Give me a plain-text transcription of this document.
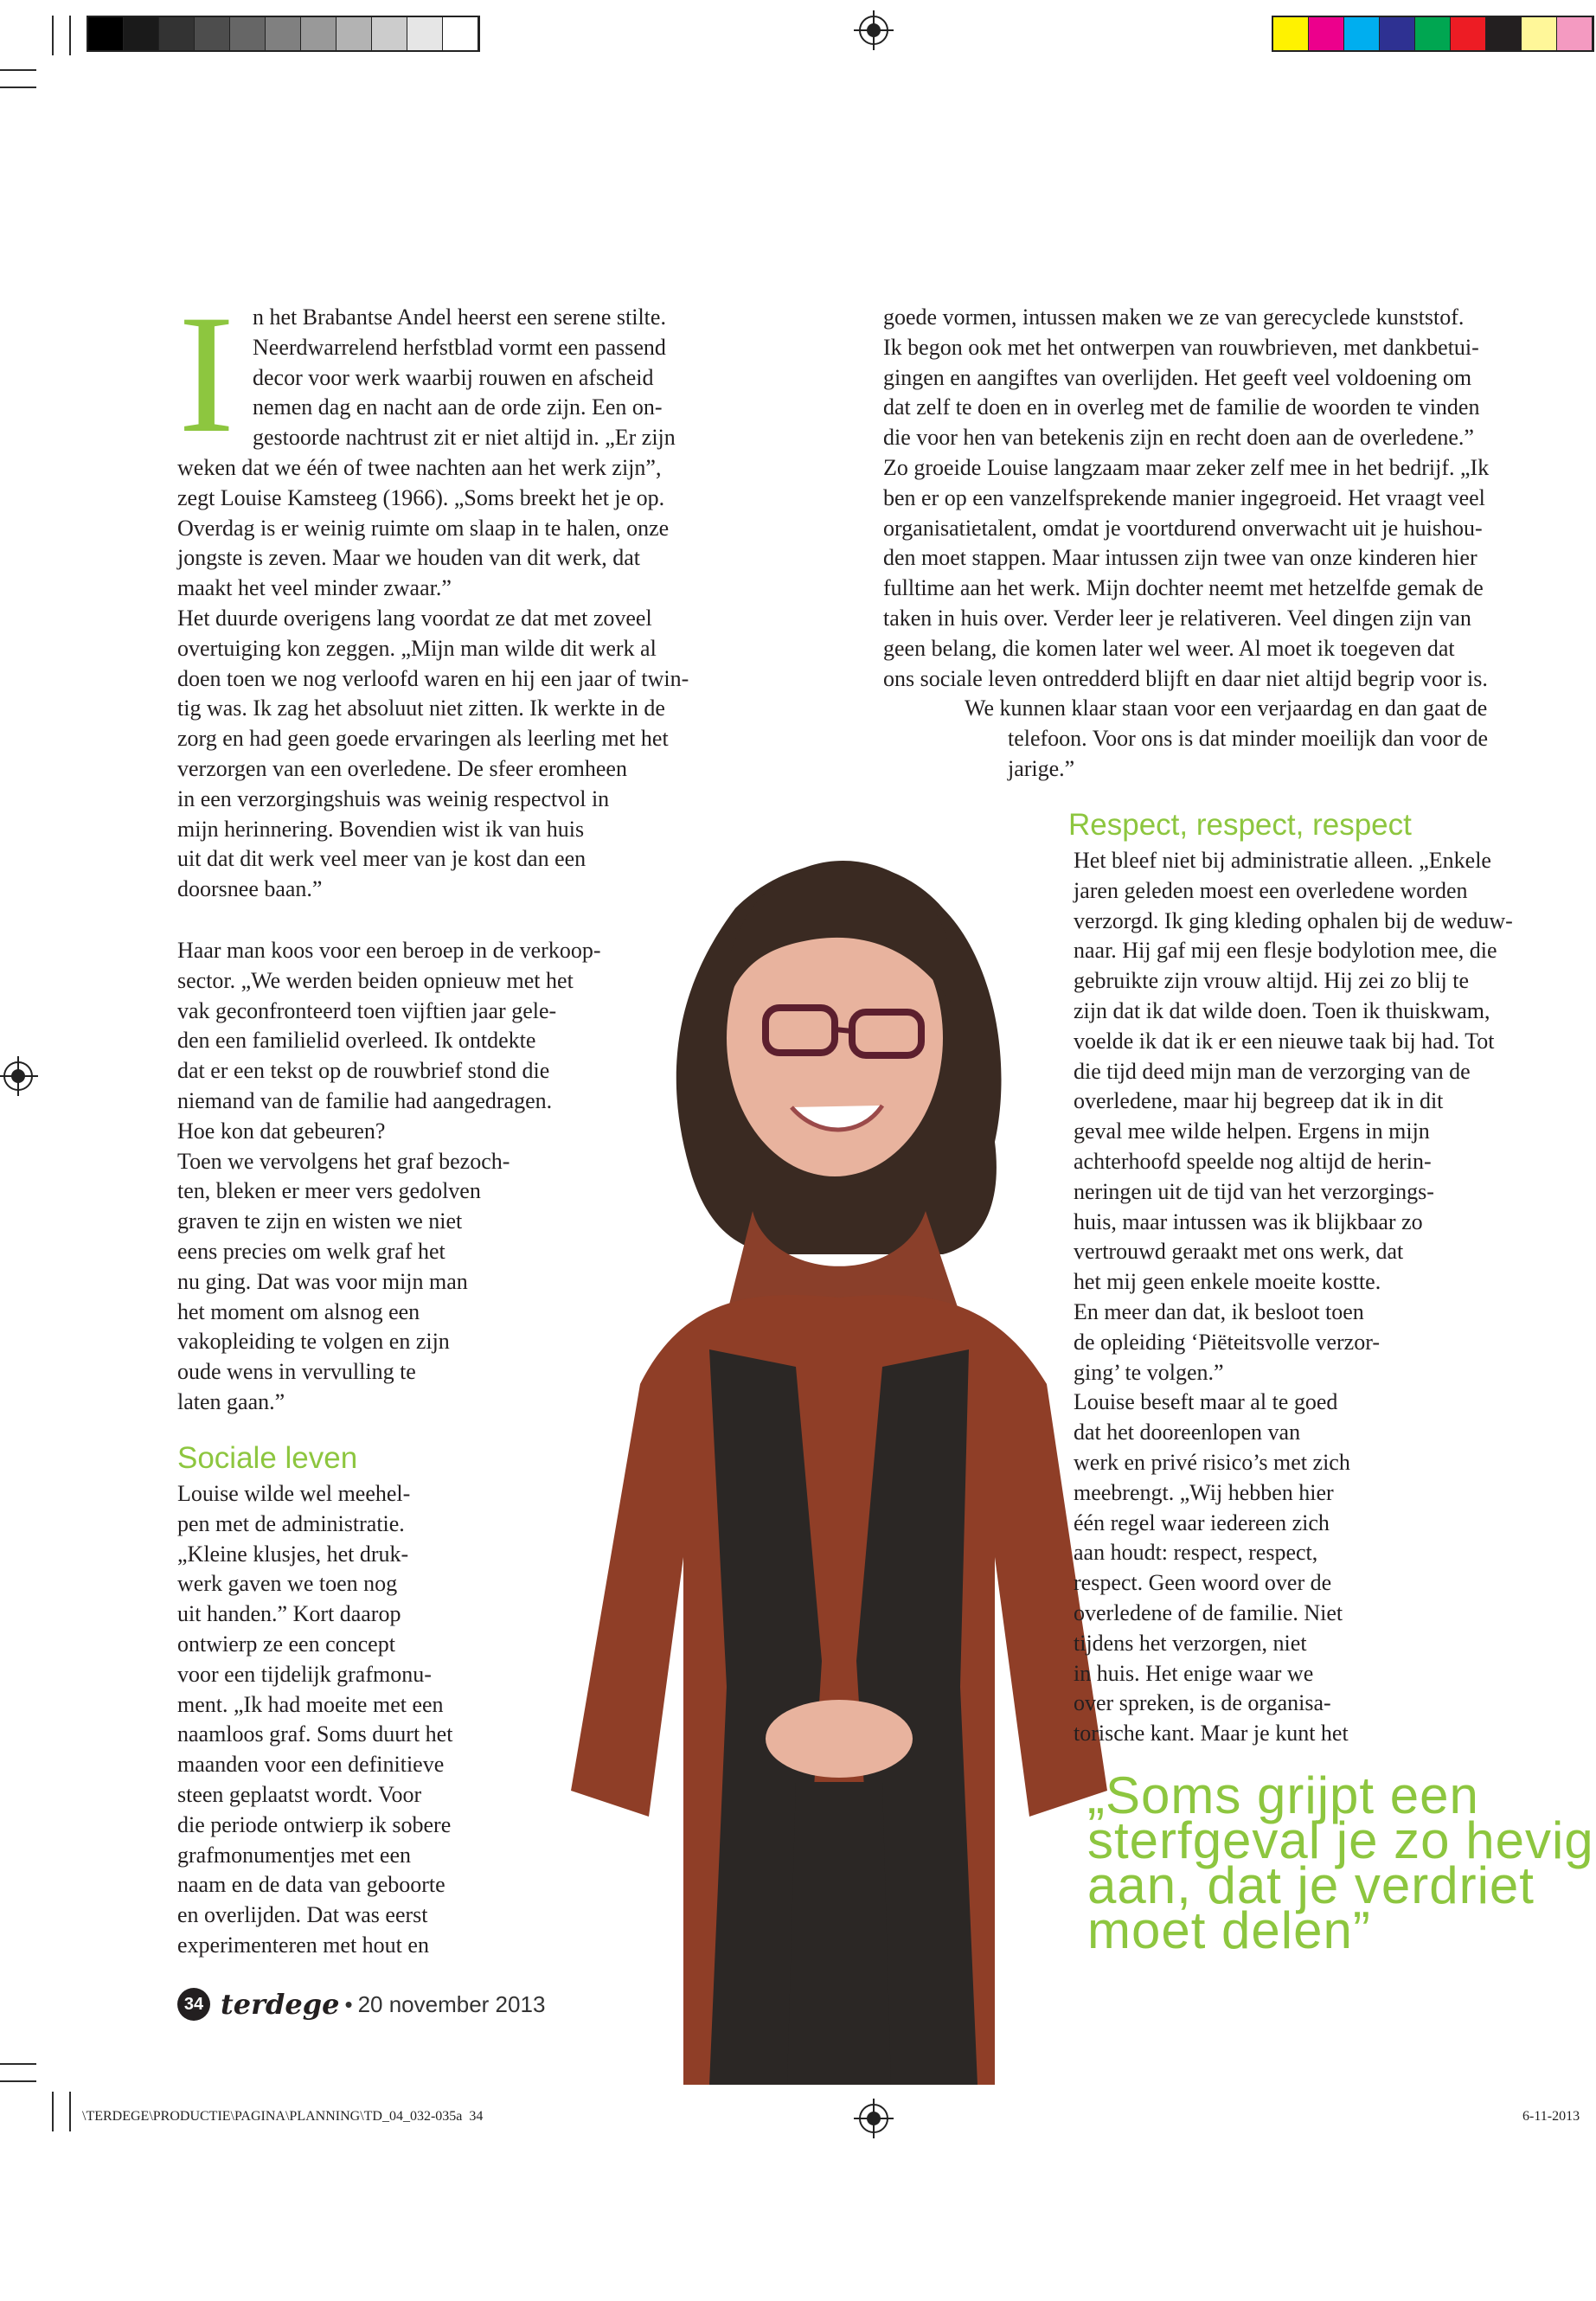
I n het Brabantse Andel heerst een serene stilte.
Neerdwarrelend herfstblad vormt een passend
decor voor werk waarbij rouwen en afscheid
nemen dag en nacht aan de orde zijn. Een on-
gestoorde nachtrust zit er niet altijd in. „Er zijn

weken dat we één of twee nachten aan het werk zijn”,
zegt Louise Kamsteeg (1966). „Soms breekt het je op.
Overdag is er weinig ruimte om slaap in te halen, onze
jongste is zeven. Maar we houden van dit werk, dat
maakt het veel minder zwaar.”
Het duurde overigens lang voordat ze dat met zoveel
overtuiging kon zeggen. „Mijn man wilde dit werk al
doen toen we nog verloofd waren en hij een jaar of twin-
tig was. Ik zag het absoluut niet zitten. Ik werkte in de
zorg en had geen goede ervaringen als leerling met het
verzorgen van een overledene. De sfeer eromheen
in een verzorgingshuis was weinig respectvol in
mijn herinnering. Bovendien wist ik van huis
uit dat dit werk veel meer van je kost dan een
doorsnee baan.”

Haar man koos voor een beroep in de verkoop-
sector. „We werden beiden opnieuw met het
vak geconfronteerd toen vijftien jaar gele-
den een familielid overleed. Ik ontdekte
dat er een tekst op de rouwbrief stond die
niemand van de familie had aangedragen.
Hoe kon dat gebeuren?
Toen we vervolgens het graf bezoch-
ten, bleken er meer vers gedolven
graven te zijn en wisten we niet
eens precies om welk graf het
nu ging. Dat was voor mijn man
het moment om alsnog een
vakopleiding te volgen en zijn
oude wens in vervulling te
laten gaan.”

Sociale leven

Louise wilde wel meehel-
pen met de administratie.
„Kleine klusjes, het druk-
werk gaven we toen nog
uit handen.” Kort daarop
ontwierp ze een concept
voor een tijdelijk grafmonu-
ment. „Ik had moeite met een
naamloos graf. Soms duurt het
maanden voor een definitieve
steen geplaatst wordt. Voor
die periode ontwierp ik sobere
grafmonumentjes met een
naam en de data van geboorte
en overlijden. Dat was eerst
experimenteren met hout en

goede vormen, intussen maken we ze van gerecyclede kunststof.
Ik begon ook met het ontwerpen van rouwbrieven, met dankbetui-
gingen en aangiftes van overlijden. Het geeft veel voldoening om
dat zelf te doen en in overleg met de familie de woorden te vinden
die voor hen van betekenis zijn en recht doen aan de overledene.”
Zo groeide Louise langzaam maar zeker zelf mee in het bedrijf. „Ik
ben er op een vanzelfsprekende manier ingegroeid. Het vraagt veel
organisatietalent, omdat je voortdurend onverwacht uit je huishou-
den moet stappen. Maar intussen zijn twee van onze kinderen hier
fulltime aan het werk. Mijn dochter neemt met hetzelfde gemak de
taken in huis over. Verder leer je relativeren. Veel dingen zijn van
geen belang, die komen later wel weer. Al moet ik toegeven dat
ons sociale leven ontredderd blijft en daar niet altijd begrip voor is.

We kunnen klaar staan voor een verjaardag en dan gaat de

telefoon. Voor ons is dat minder moeilijk dan voor de
jarige.”

Respect, respect, respect

Het bleef niet bij administratie alleen. „Enkele
jaren geleden moest een overledene worden
verzorgd. Ik ging kleding ophalen bij de weduw-
naar. Hij gaf mij een flesje bodylotion mee, die
gebruikte zijn vrouw altijd. Hij zei zo blij te
zijn dat ik dat wilde doen. Toen ik thuiskwam,
voelde ik dat ik er een nieuwe taak bij had. Tot
die tijd deed mijn man de verzorging van de
overledene, maar hij begreep dat ik in dit
geval mee wilde helpen. Ergens in mijn
achterhoofd speelde nog altijd de herin-
neringen uit de tijd van het verzorgings-
huis, maar intussen was ik blijkbaar zo
vertrouwd geraakt met ons werk, dat
het mij geen enkele moeite kostte.
En meer dan dat, ik besloot toen
de opleiding ‘Piëteitsvolle verzor-
ging’ te volgen.”
Louise beseft maar al te goed
dat het dooreenlopen van
werk en privé risico’s met zich
meebrengt. „Wij hebben hier
één regel waar iedereen zich
aan houdt: respect, respect,
respect. Geen woord over de
overledene of de familie. Niet
tijdens het verzorgen, niet
in huis. Het enige waar we
over spreken, is de organisa-
torische kant. Maar je kunt het

„Soms grijpt een
sterfgeval je zo hevig
aan, dat je verdriet
moet delen”
34 terdege • 20 november 2013
\TERDEGE\PRODUCTIE\PAGINA\PLANNING\TD_04_032-035a  34	6-11-2013
